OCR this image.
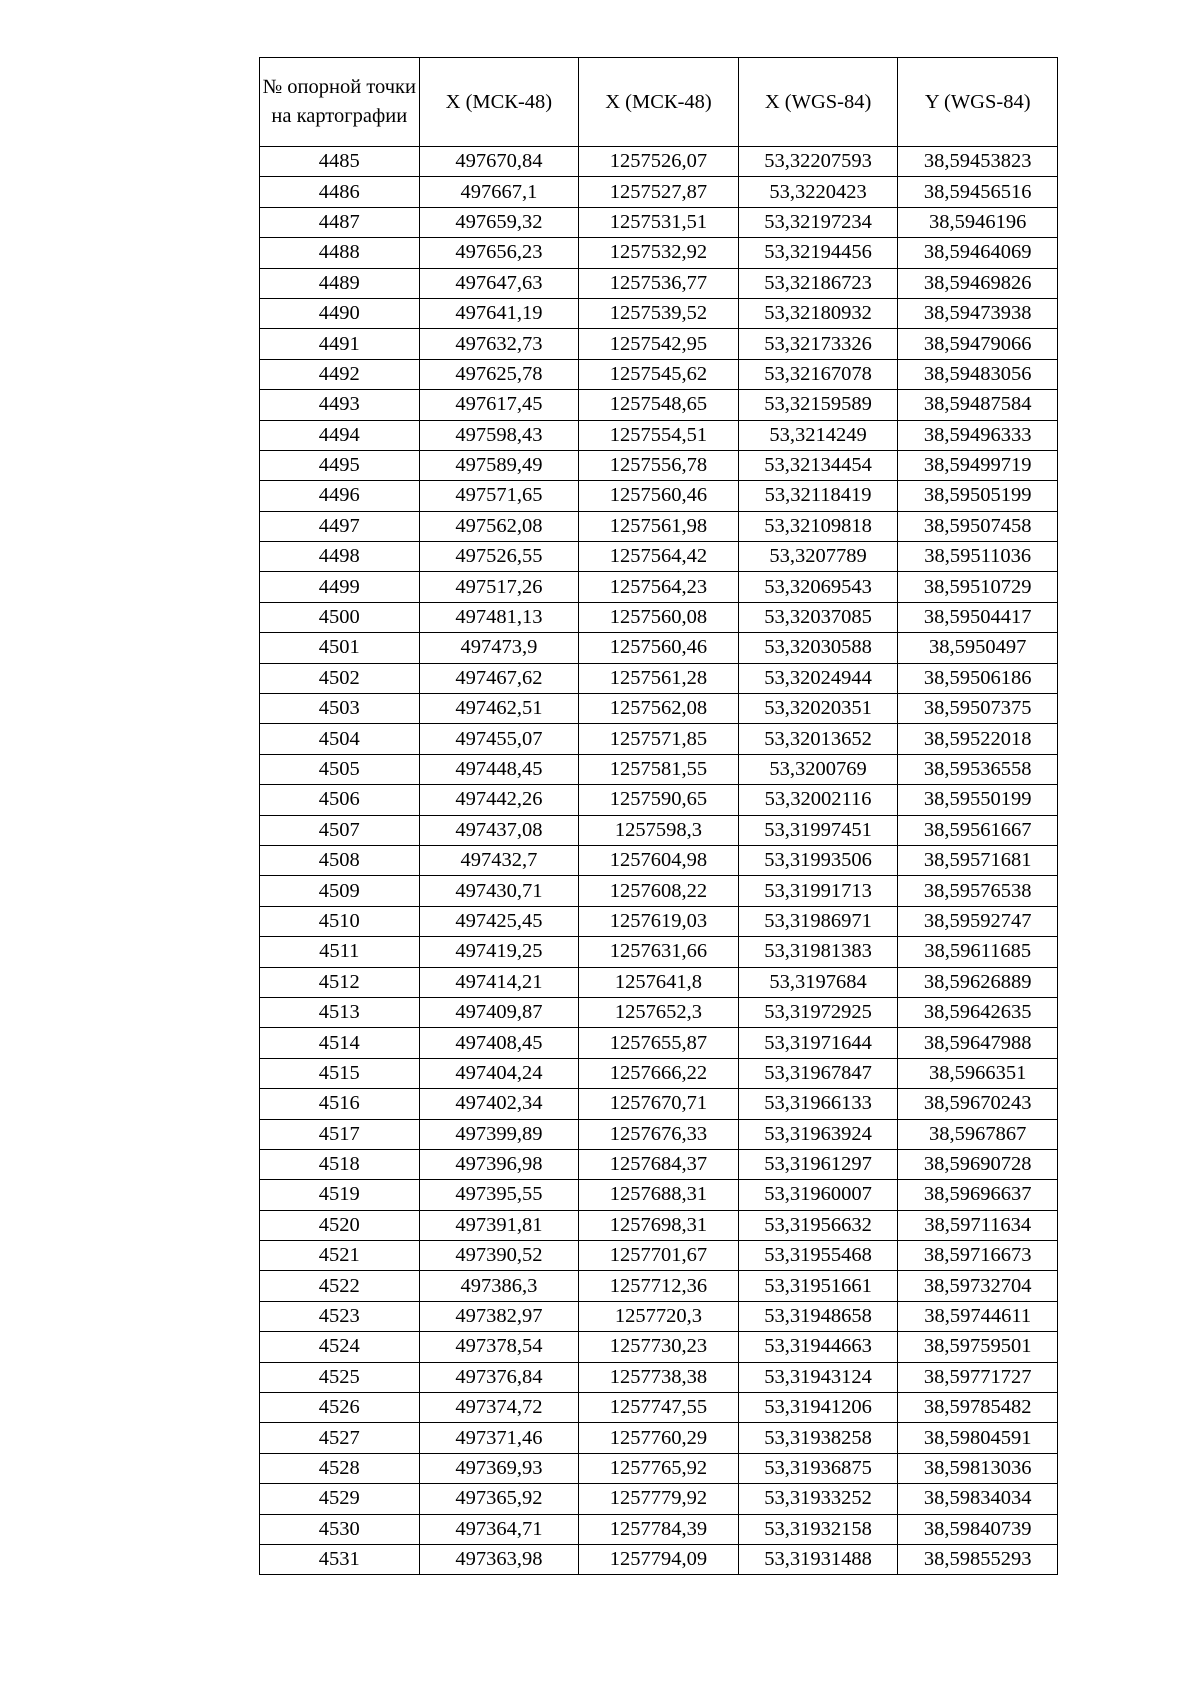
№ опорной точки на картографии	X (МСК-48)	X (МСК-48)	X (WGS-84)	Y (WGS-84)
4485	497670,84	1257526,07	53,32207593	38,59453823
4486	497667,1	1257527,87	53,3220423	38,59456516
4487	497659,32	1257531,51	53,32197234	38,5946196
4488	497656,23	1257532,92	53,32194456	38,59464069
4489	497647,63	1257536,77	53,32186723	38,59469826
4490	497641,19	1257539,52	53,32180932	38,59473938
4491	497632,73	1257542,95	53,32173326	38,59479066
4492	497625,78	1257545,62	53,32167078	38,59483056
4493	497617,45	1257548,65	53,32159589	38,59487584
4494	497598,43	1257554,51	53,3214249	38,59496333
4495	497589,49	1257556,78	53,32134454	38,59499719
4496	497571,65	1257560,46	53,32118419	38,59505199
4497	497562,08	1257561,98	53,32109818	38,59507458
4498	497526,55	1257564,42	53,3207789	38,59511036
4499	497517,26	1257564,23	53,32069543	38,59510729
4500	497481,13	1257560,08	53,32037085	38,59504417
4501	497473,9	1257560,46	53,32030588	38,5950497
4502	497467,62	1257561,28	53,32024944	38,59506186
4503	497462,51	1257562,08	53,32020351	38,59507375
4504	497455,07	1257571,85	53,32013652	38,59522018
4505	497448,45	1257581,55	53,3200769	38,59536558
4506	497442,26	1257590,65	53,32002116	38,59550199
4507	497437,08	1257598,3	53,31997451	38,59561667
4508	497432,7	1257604,98	53,31993506	38,59571681
4509	497430,71	1257608,22	53,31991713	38,59576538
4510	497425,45	1257619,03	53,31986971	38,59592747
4511	497419,25	1257631,66	53,31981383	38,59611685
4512	497414,21	1257641,8	53,3197684	38,59626889
4513	497409,87	1257652,3	53,31972925	38,59642635
4514	497408,45	1257655,87	53,31971644	38,59647988
4515	497404,24	1257666,22	53,31967847	38,5966351
4516	497402,34	1257670,71	53,31966133	38,59670243
4517	497399,89	1257676,33	53,31963924	38,5967867
4518	497396,98	1257684,37	53,31961297	38,59690728
4519	497395,55	1257688,31	53,31960007	38,59696637
4520	497391,81	1257698,31	53,31956632	38,59711634
4521	497390,52	1257701,67	53,31955468	38,59716673
4522	497386,3	1257712,36	53,31951661	38,59732704
4523	497382,97	1257720,3	53,31948658	38,59744611
4524	497378,54	1257730,23	53,31944663	38,59759501
4525	497376,84	1257738,38	53,31943124	38,59771727
4526	497374,72	1257747,55	53,31941206	38,59785482
4527	497371,46	1257760,29	53,31938258	38,59804591
4528	497369,93	1257765,92	53,31936875	38,59813036
4529	497365,92	1257779,92	53,31933252	38,59834034
4530	497364,71	1257784,39	53,31932158	38,59840739
4531	497363,98	1257794,09	53,31931488	38,59855293
